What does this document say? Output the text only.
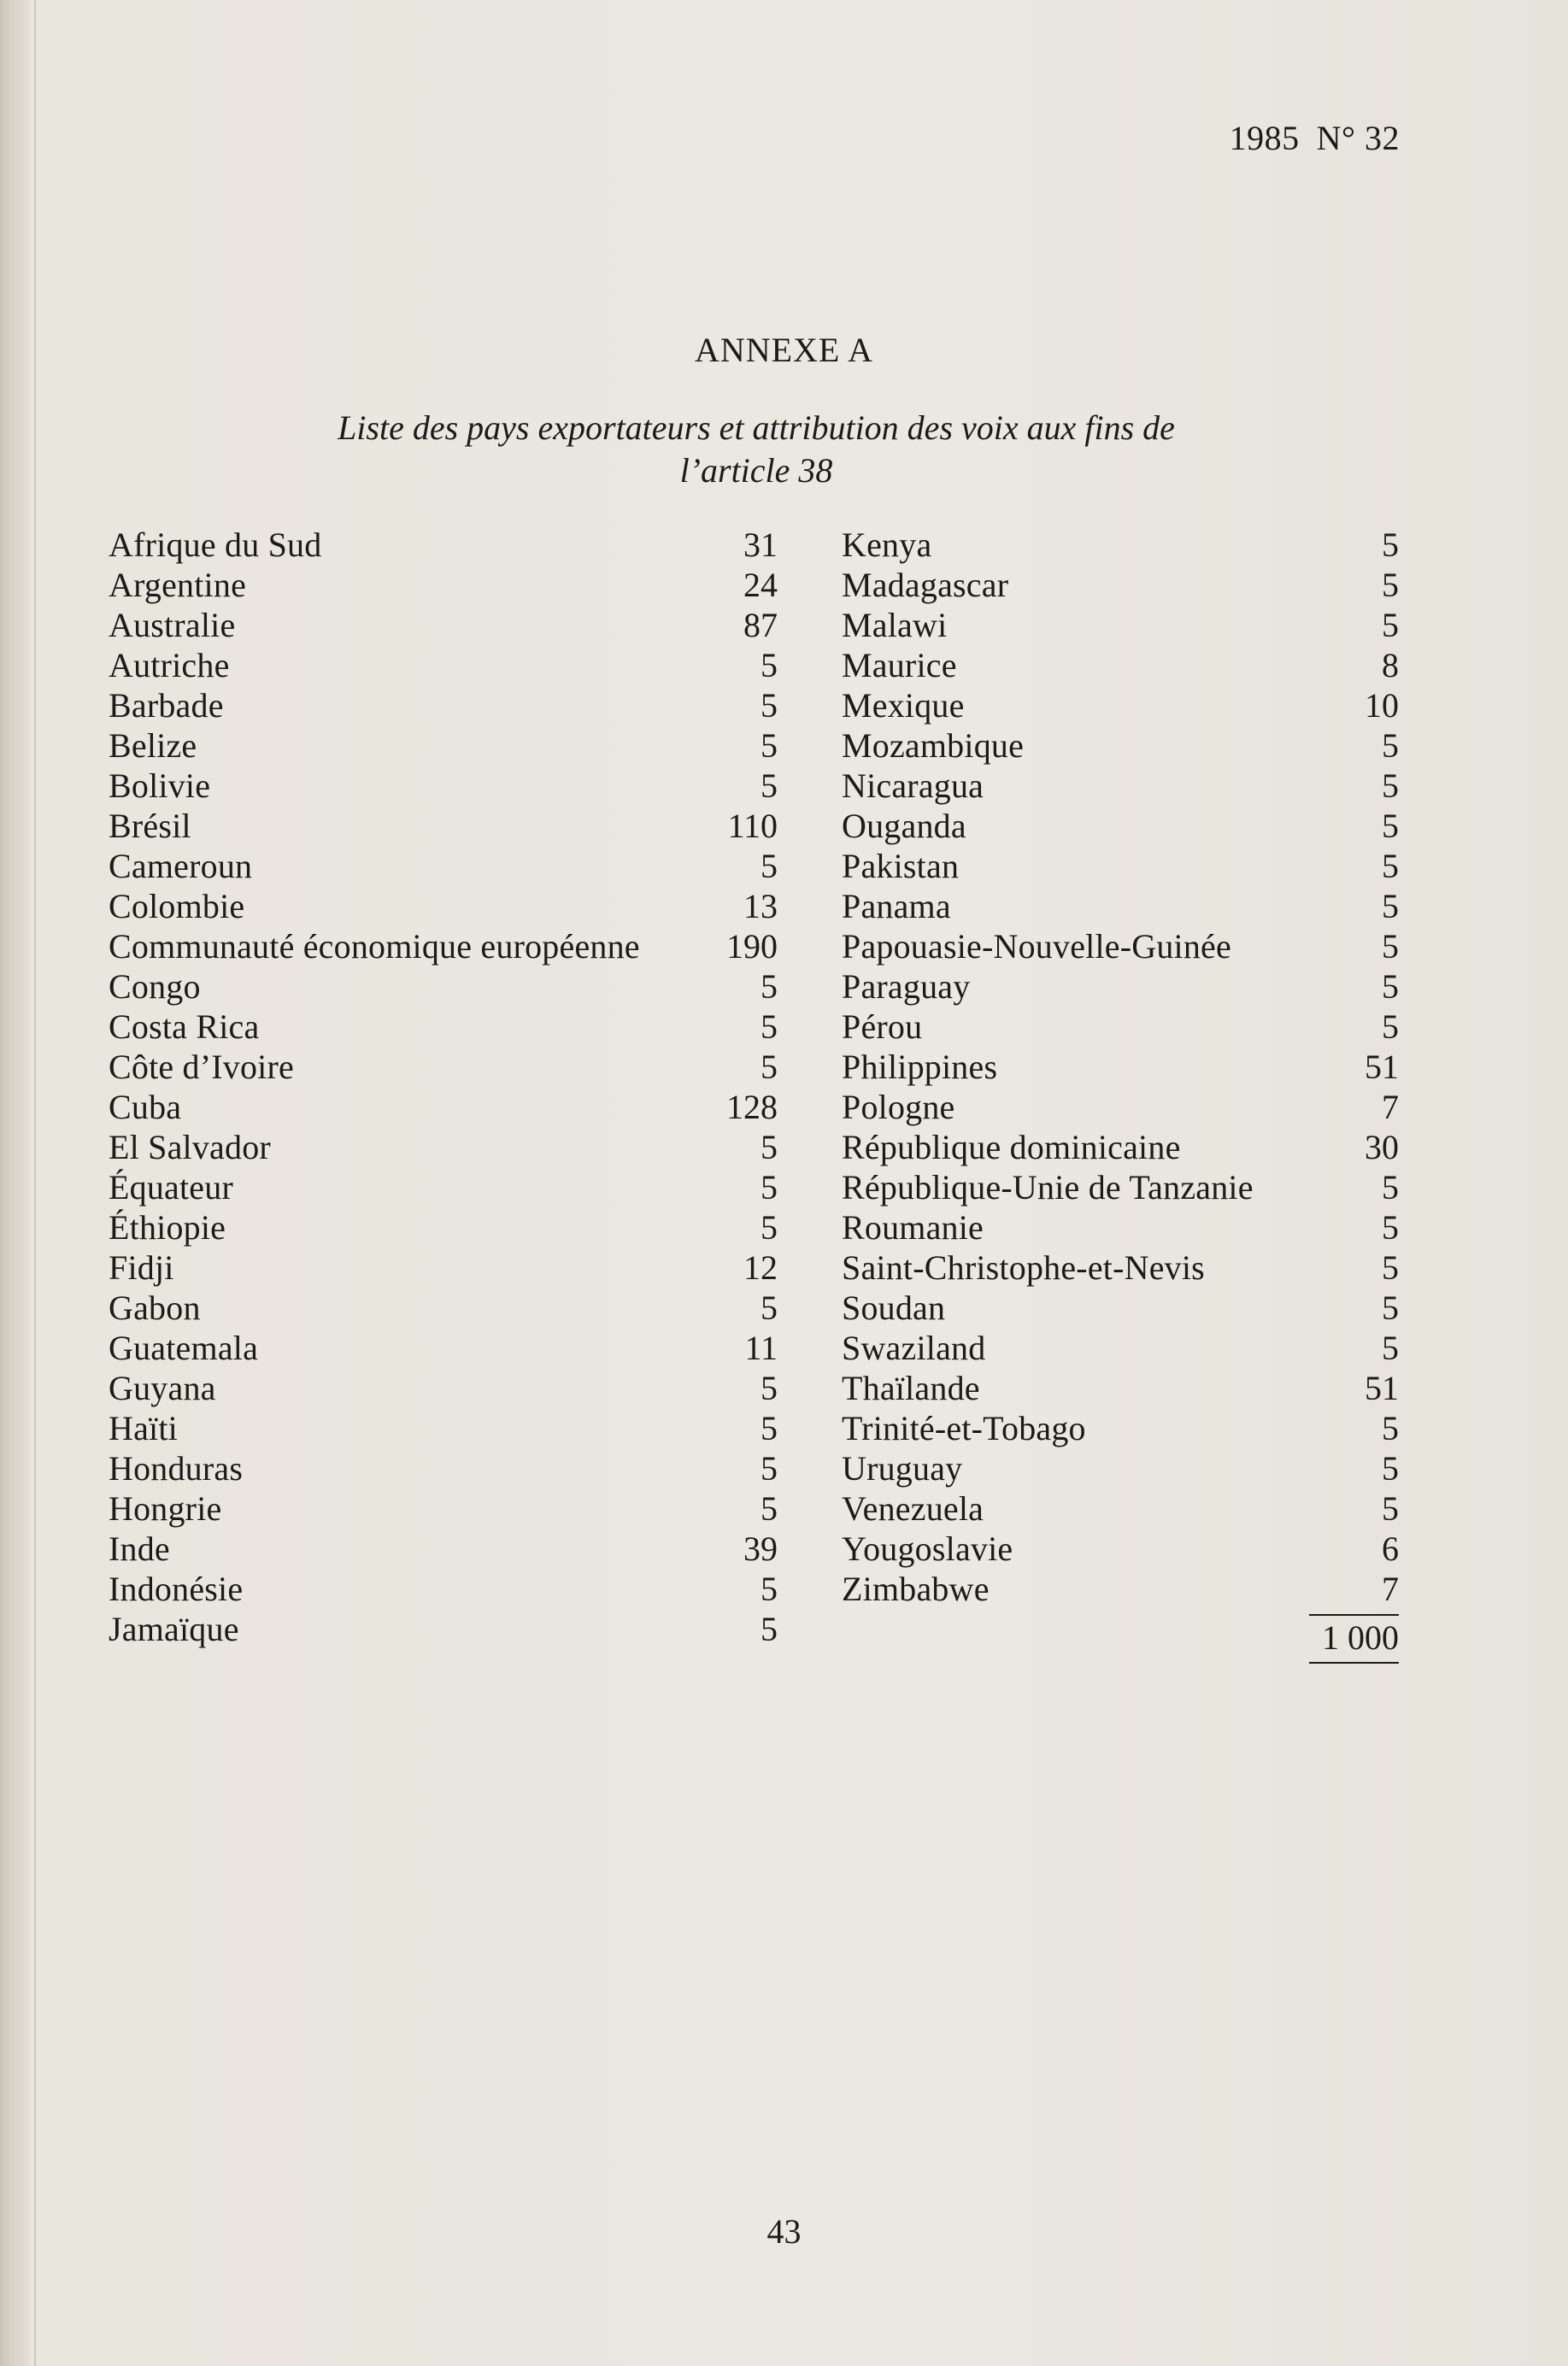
1985 N° 32
ANNEXE A
Liste des pays exportateurs et attribution des voix aux fins de
l’article 38
Afrique du Sud	31
Argentine	24
Australie	87
Autriche	5
Barbade	5
Belize	5
Bolivie	5
Brésil	110
Cameroun	5
Colombie	13
Communauté économique européenne	190
Congo	5
Costa Rica	5
Côte d’Ivoire	5
Cuba	128
El Salvador	5
Équateur	5
Éthiopie	5
Fidji	12
Gabon	5
Guatemala	11
Guyana	5
Haïti	5
Honduras	5
Hongrie	5
Inde	39
Indonésie	5
Jamaïque	5
Kenya	5
Madagascar	5
Malawi	5
Maurice	8
Mexique	10
Mozambique	5
Nicaragua	5
Ouganda	5
Pakistan	5
Panama	5
Papouasie-Nouvelle-Guinée	5
Paraguay	5
Pérou	5
Philippines	51
Pologne	7
République dominicaine	30
République-Unie de Tanzanie	5
Roumanie	5
Saint-Christophe-et-Nevis	5
Soudan	5
Swaziland	5
Thaïlande	51
Trinité-et-Tobago	5
Uruguay	5
Venezuela	5
Yougoslavie	6
Zimbabwe	7
1 000
43
